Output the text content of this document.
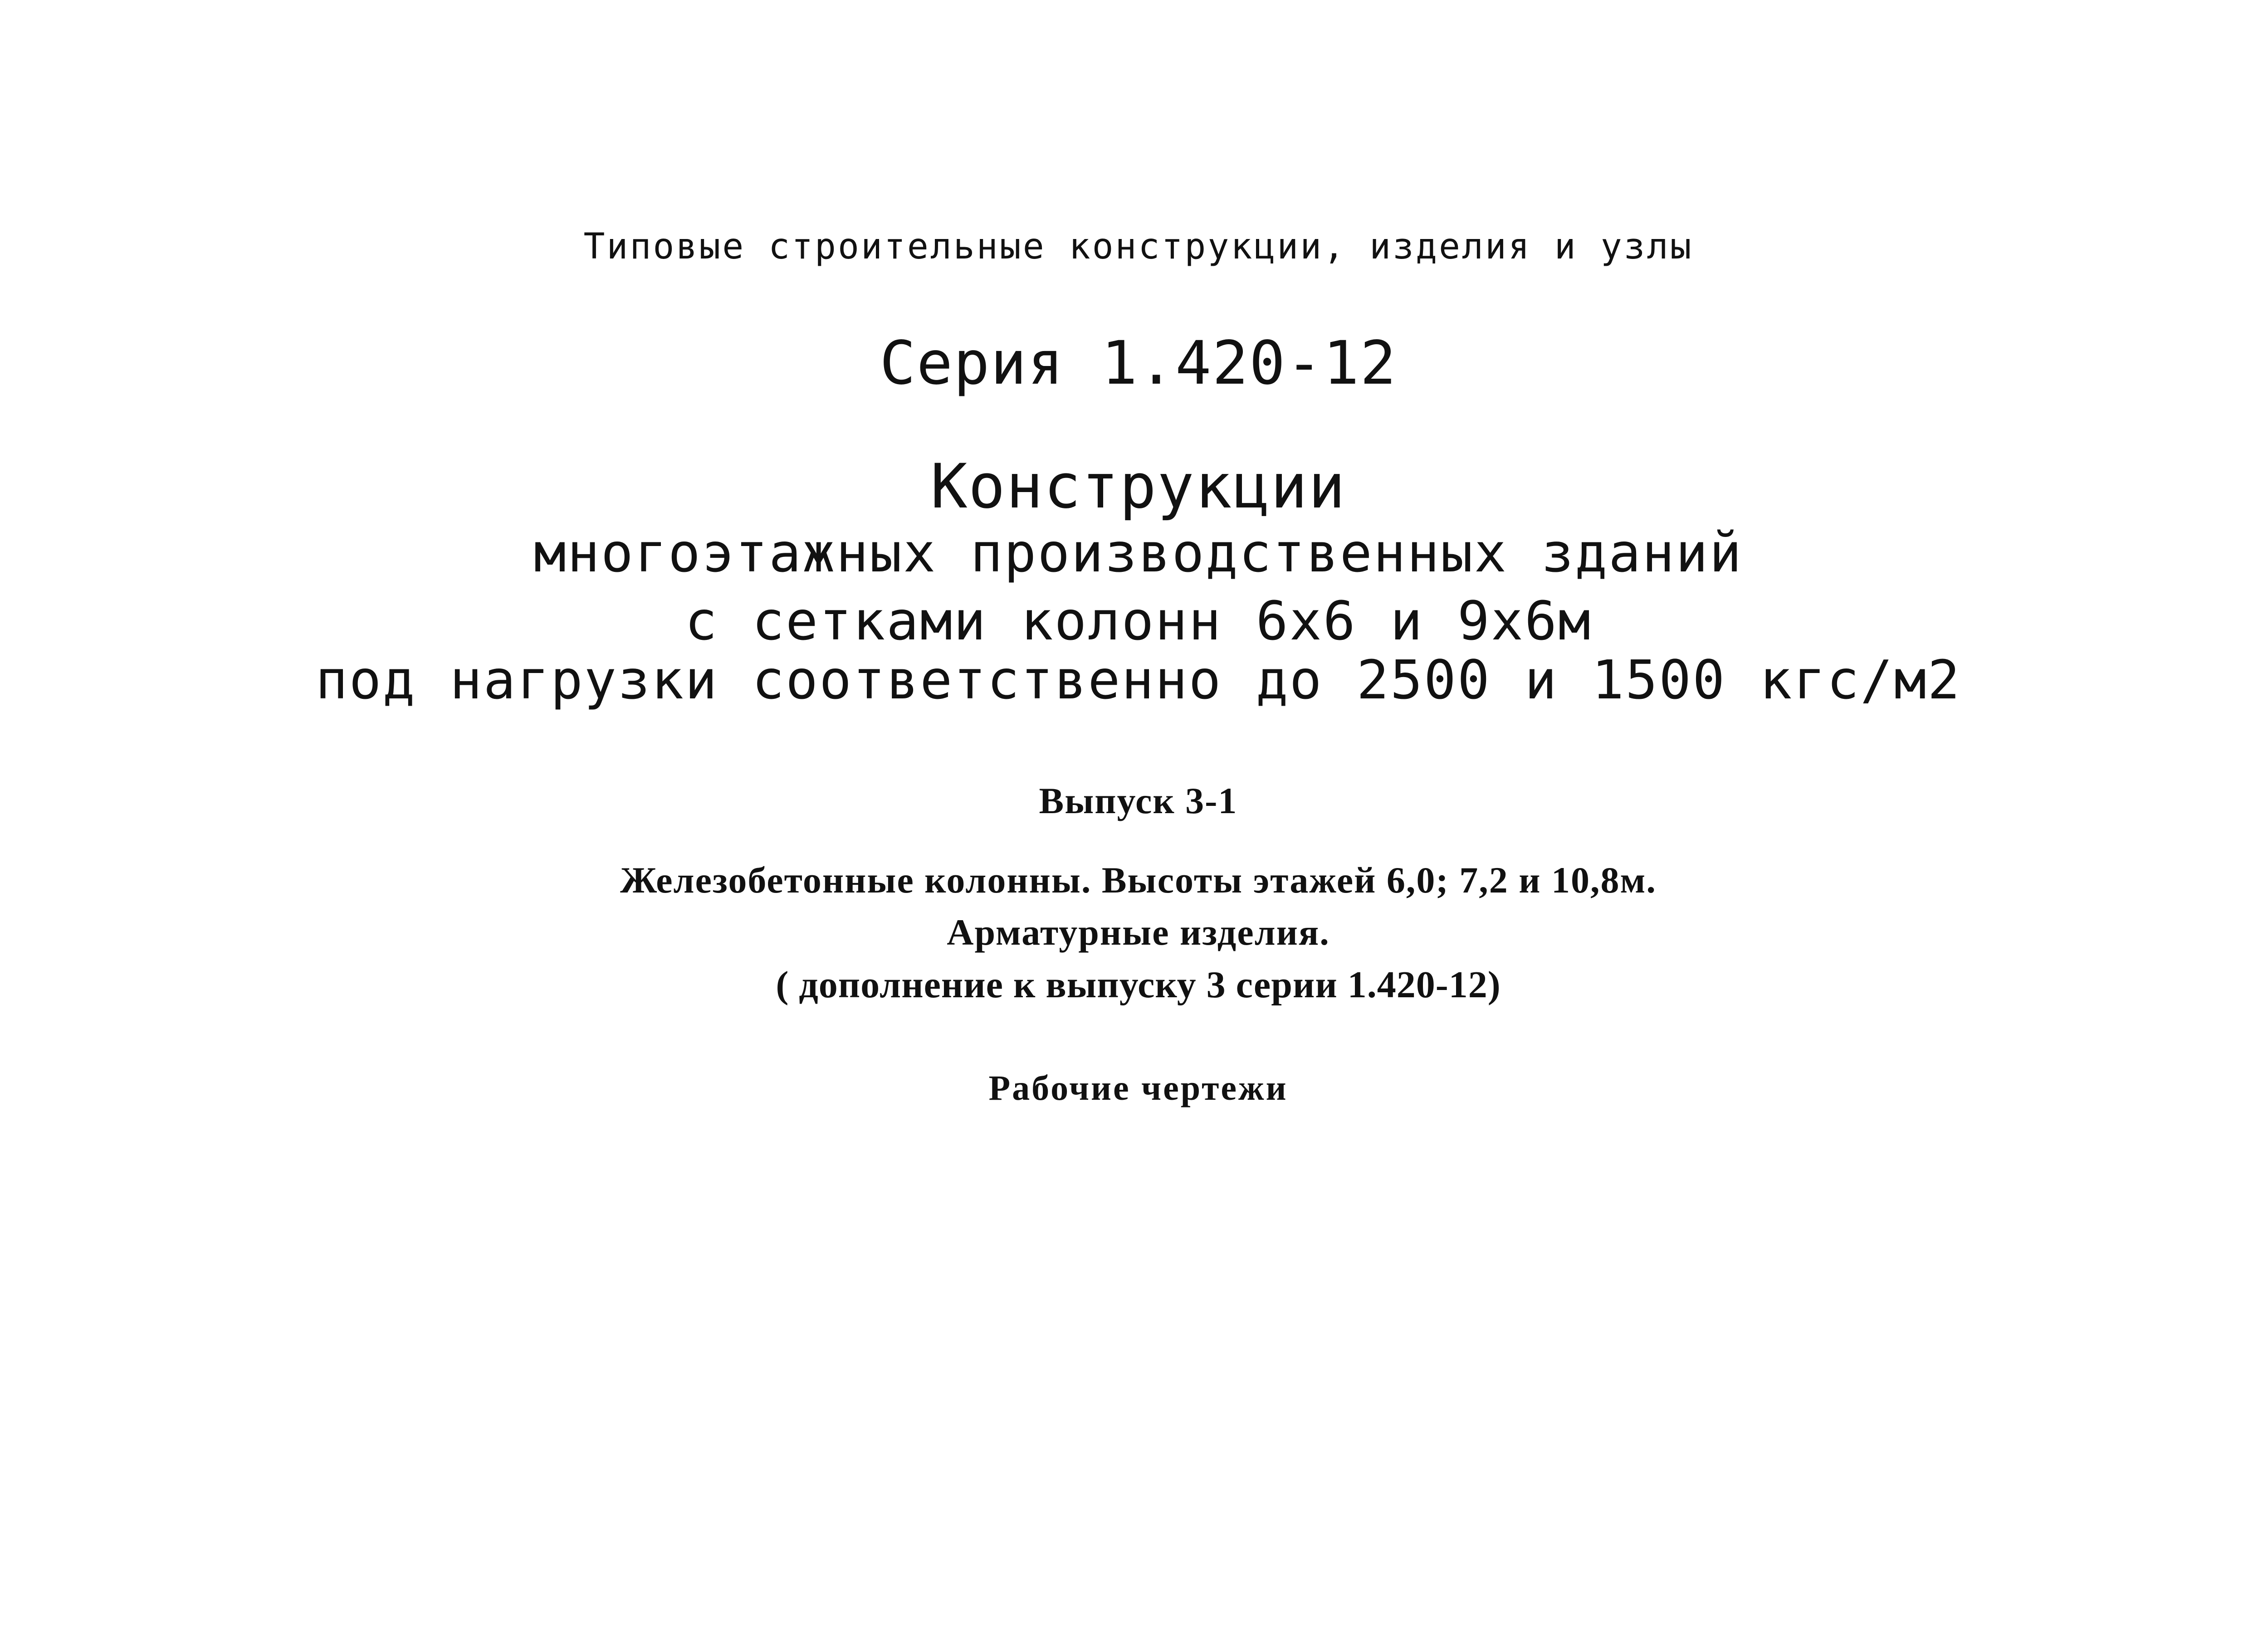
Типовые строительные конструкции, изделия и узлы
Серия 1.420-12
Конструкции
многоэтажных производственных зданий
с сетками колонн 6х6 и 9х6м
под нагрузки соответственно до 2500 и 1500 кгс/м2
Выпуск 3-1
Железобетонные колонны. Высоты этажей 6,0; 7,2 и 10,8м.
Арматурные изделия.
( дополнение к выпуску 3 серии 1.420-12)
Рабочие чертежи
